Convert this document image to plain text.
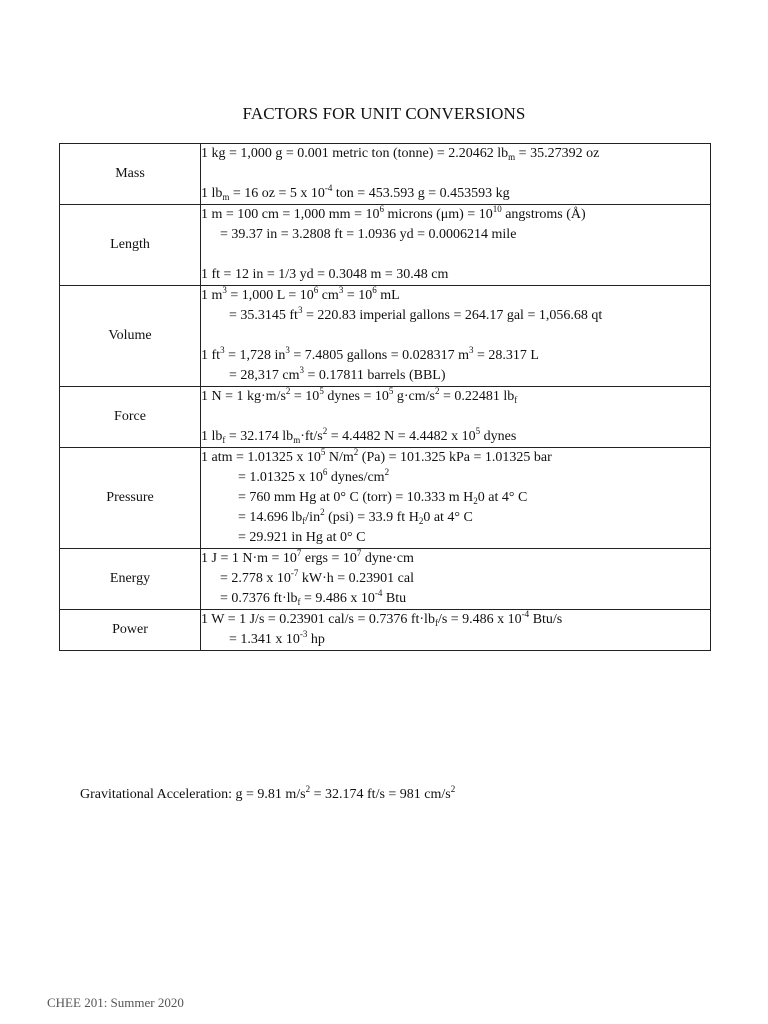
FACTORS FOR UNIT CONVERSIONS
Mass	1 kg = 1,000 g = 0.001 metric ton (tonne) = 2.20462 $lb_m = 35.27392$ oz
1 $lb_m = 16$ oz = 5 x $10^{-4}$ ton = 453.593 g = 0.453593 kg

Length	1 m = 100 cm = 1,000 mm = $10^6$ microns $(\mu m) = 10^{10}$ angstroms (Å)
= 39.37 in = 3.2808 ft = 1.0936 yd = 0.0006214 mile
1 ft = 12 in = 1/3 yd = 0.3048 m = 30.48 cm

Volume	1 $m^3 = 1,000$ $L = 10^6$ $cm^3 = 10^6$ mL
= 35.3145 $ft^3 = 220.83$ imperial gallons = 264.17 gal = 1,056.68 qt
1 $ft^3 = 1,728$ $in^3 = 7.4805$ gallons = 0.028317 $m^3 = 28.317$ L
= 28,317 $cm^3 = 0.17811$ barrels (BBL)

Force	1 N = 1 $kg\cdot m/s^2 = 10^5$ dynes = $10^5$ $g\cdot cm/s^2 = 0.22481$ $lb_f$
1 $lb_f = 32.174$ $lb_m\cdot ft/s^2 = 4.4482$ N = 4.4482 x $10^5$ dynes

Pressure	1 atm = 1.01325 x $10^5$ $N/m^2$ (Pa) = 101.325 kPa = 1.01325 bar
= 1.01325 x $10^6$ dynes/$cm^2$
= 760 mm Hg at 0° C (torr) = 10.333 m $H_20$ at 4° C
= 14.696 $lb_f/in^2$ (psi) = 33.9 ft $H_20$ at 4° C
= 29.921 in Hg at 0° C

Energy	1 J = 1 $N\cdot m = 10^7$ ergs = $10^7$ dyne·cm
= 2.778 x $10^{-7}$ kW·h = 0.23901 cal
= 0.7376 $ft\cdot lb_f = 9.486$ x $10^{-4}$ Btu

Power	1 W = 1 J/s = 0.23901 cal/s = 0.7376 $ft\cdot lb_f/s = 9.486$ x $10^{-4}$ Btu/s
= 1.341 x $10^{-3}$ hp
Gravitational Acceleration: g = 9.81 $m/s^2 = 32.174$ ft/s = 981 $cm/s^2$
CHEE 201: Summer 2020
